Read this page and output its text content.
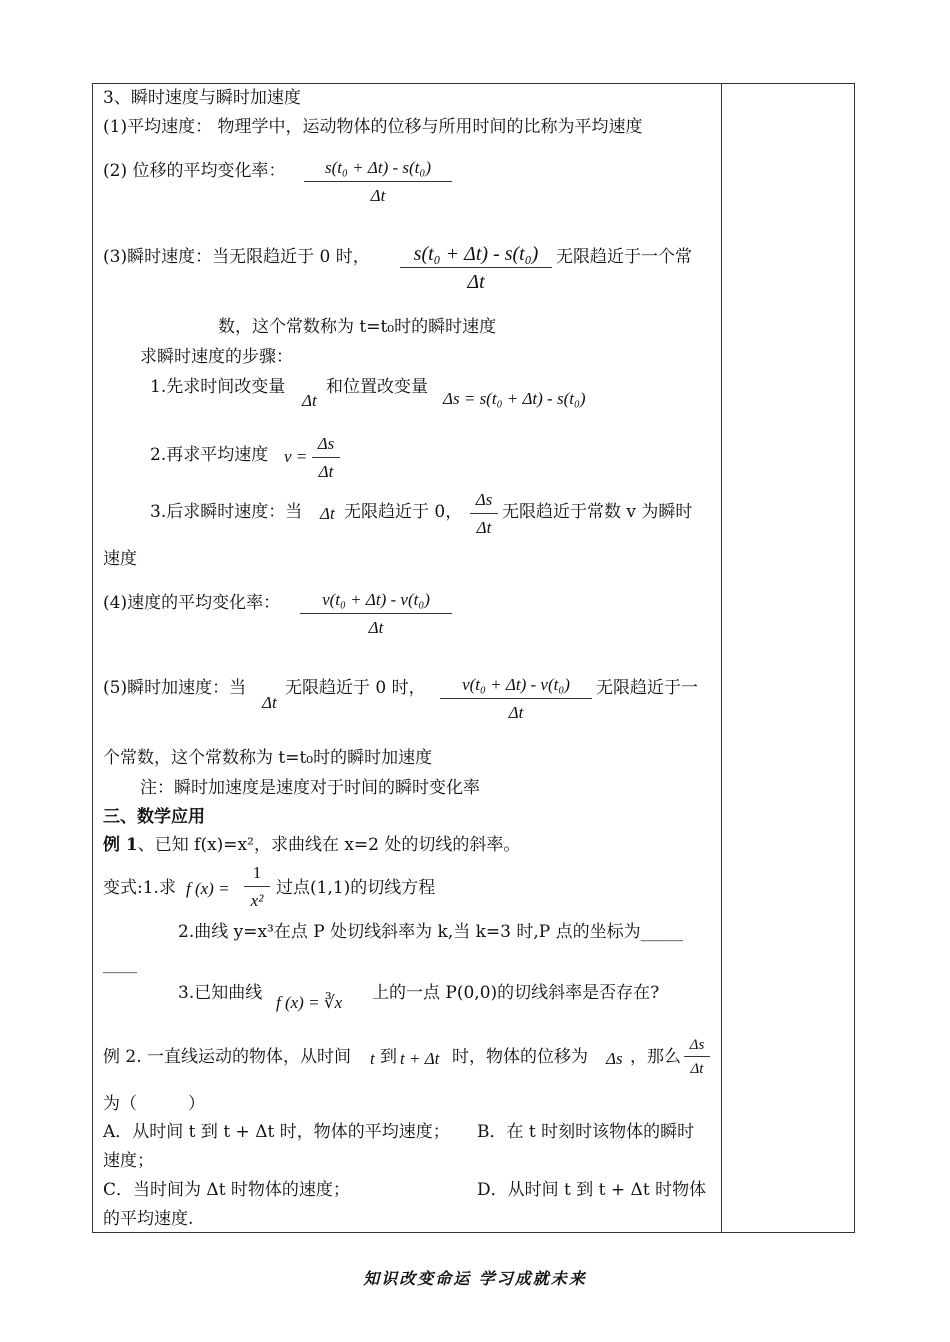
3、瞬时速度与瞬时加速度
(1)平均速度： 物理学中，运动物体的位移与所用时间的比称为平均速度
(2) 位移的平均变化率： $\frac{\text{s(t₀ + Δt) - s(t₀)}}{\Delta t}$
(3)瞬时速度：当无限趋近于 0 时， $\frac{\text{s(t₀ + Δt) - s(t₀)}}{\Delta t}$ 无限趋近于一个常
数，这个常数称为 t=t₀时的瞬时速度
求瞬时速度的步骤：
1.先求时间改变量
Δt
和位置改变量
Δs = s(t₀ + Δt) - s(t₀)
2.再求平均速度 $v = \frac{\Delta s}{\Delta t}$
3.后求瞬时速度：当 Δt 无限趋近于 0， $\frac{\Delta s}{\Delta t}$ 无限趋近于常数 v 为瞬时
速度
(4)速度的平均变化率： $\frac{\text{v(t₀ + Δt) - v(t₀)}}{\Delta t}$
(5)瞬时加速度：当
Δt
无限趋近于 0 时， $\frac{\text{v(t₀ + Δt) - v(t₀)}}{\Delta t}$ 无限趋近于一
个常数，这个常数称为 t=t₀时的瞬时加速度
注：瞬时加速度是速度对于时间的瞬时变化率
三、数学应用
例 1、已知 f(x)=x²，求曲线在 x=2 处的切线的斜率。
变式:1.求 f $(x) = \frac{1}{\text{x²}}$ 过点(1,1)的切线方程
2.曲线 y=x³在点 P 处切线斜率为 k,当 k=3 时,P 点的坐标为_____
____
3.已知曲线 f (x) = ∛x 上的一点 P(0,0)的切线斜率是否存在?
例 2. 一直线运动的物体，从时间 t 到 t + Δt 时，物体的位移为 Δs ，那么 $\frac{\Delta s}{\Delta t}$
为（　　　）
A．从时间 t 到 t + Δt 时，物体的平均速度； B．在 t 时刻时该物体的瞬时
速度；
C．当时间为 Δt 时物体的速度；	D．从时间 t 到 t + Δt 时物体
的平均速度.
知识改变命运 学习成就未来
